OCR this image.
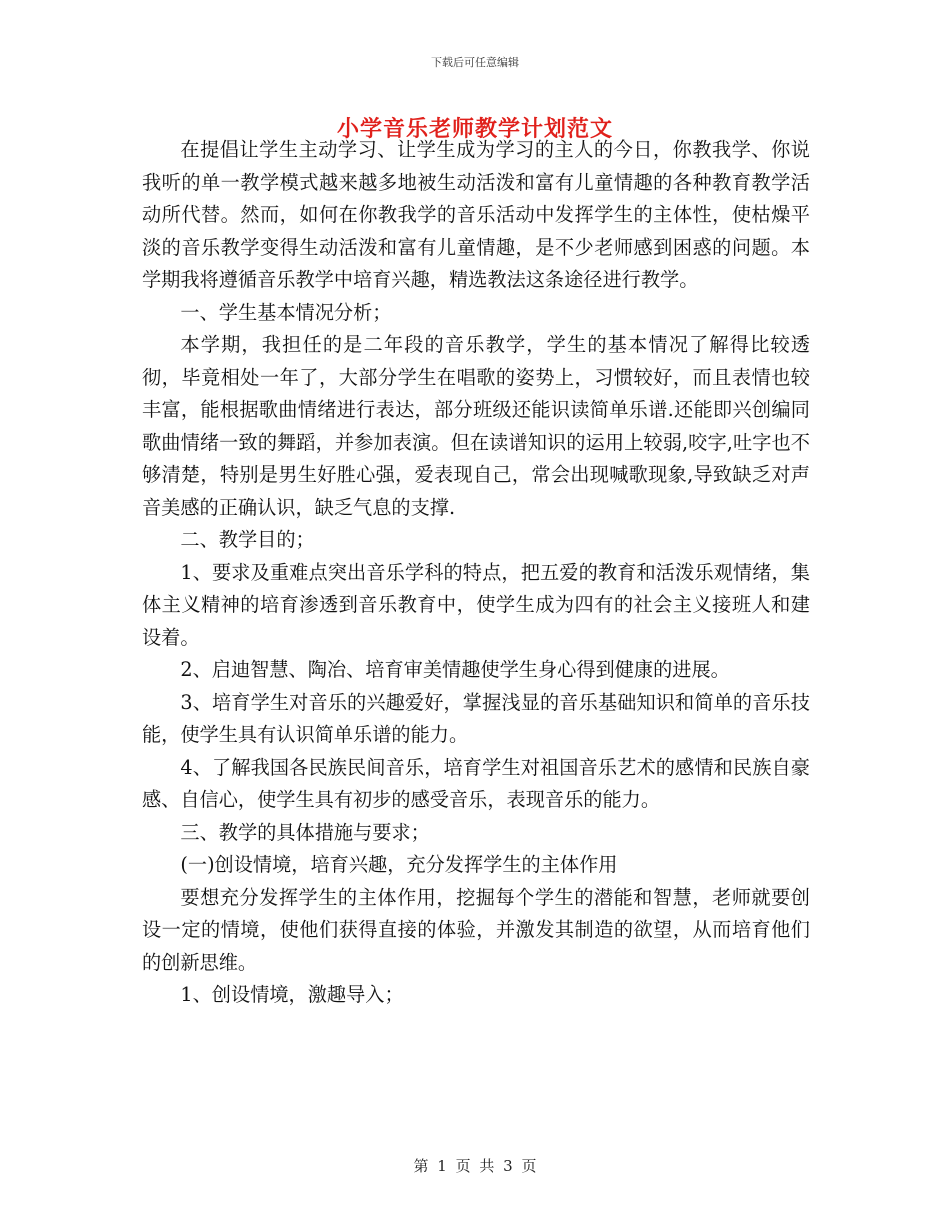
下载后可任意编辑
小学音乐老师教学计划范文

在提倡让学生主动学习、让学生成为学习的主人的今日，你教我学、你说我听的单一教学模式越来越多地被生动活泼和富有儿童情趣的各种教育教学活动所代替。然而，如何在你教我学的音乐活动中发挥学生的主体性，使枯燥平淡的音乐教学变得生动活泼和富有儿童情趣，是不少老师感到困惑的问题。本学期我将遵循音乐教学中培育兴趣，精选教法这条途径进行教学。

一、学生基本情况分析；

本学期，我担任的是二年段的音乐教学，学生的基本情况了解得比较透彻，毕竟相处一年了，大部分学生在唱歌的姿势上，习惯较好，而且表情也较丰富，能根据歌曲情绪进行表达，部分班级还能识读简单乐谱.还能即兴创编同歌曲情绪一致的舞蹈，并参加表演。但在读谱知识的运用上较弱,咬字,吐字也不够清楚，特别是男生好胜心强，爱表现自己，常会出现喊歌现象,导致缺乏对声音美感的正确认识，缺乏气息的支撑.

二、教学目的；

1、要求及重难点突出音乐学科的特点，把五爱的教育和活泼乐观情绪，集体主义精神的培育渗透到音乐教育中，使学生成为四有的社会主义接班人和建设着。

2、启迪智慧、陶冶、培育审美情趣使学生身心得到健康的进展。

3、培育学生对音乐的兴趣爱好，掌握浅显的音乐基础知识和简单的音乐技能，使学生具有认识简单乐谱的能力。

4、了解我国各民族民间音乐，培育学生对祖国音乐艺术的感情和民族自豪感、自信心，使学生具有初步的感受音乐，表现音乐的能力。

三、教学的具体措施与要求；

(一)创设情境，培育兴趣，充分发挥学生的主体作用

要想充分发挥学生的主体作用，挖掘每个学生的潜能和智慧，老师就要创设一定的情境，使他们获得直接的体验，并激发其制造的欲望，从而培育他们的创新思维。

1、创设情境，激趣导入；

第 1 页 共 3 页
